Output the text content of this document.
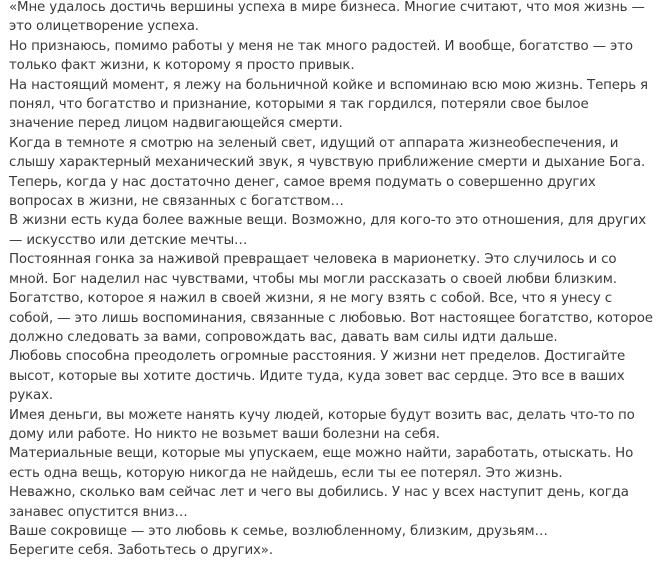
«Мне удалось достичь вершины успеха в мире бизнеса. Многие считают, что моя жизнь — это олицетворение успеха.

Но признаюсь, помимо работы у меня не так много радостей. И вообще, богатство — это только факт жизни, к которому я просто привык.

На настоящий момент, я лежу на больничной койке и вспоминаю всю мою жизнь. Теперь я понял, что богатство и признание, которыми я так гордился, потеряли свое былое значение перед лицом надвигающейся смерти.

Когда в темноте я смотрю на зеленый свет, идущий от аппарата жизнеобеспечения, и слышу характерный механический звук, я чувствую приближение смерти и дыхание Бога. Теперь, когда у нас достаточно денег, самое время подумать о совершенно других вопросах в жизни, не связанных с богатством…

В жизни есть куда более важные вещи. Возможно, для кого-то это отношения, для других — искусство или детские мечты…

Постоянная гонка за наживой превращает человека в марионетку. Это случилось и со мной. Бог наделил нас чувствами, чтобы мы могли рассказать о своей любви близким.

Богатство, которое я нажил в своей жизни, я не могу взять с собой. Все, что я унесу с собой, — это лишь воспоминания, связанные с любовью. Вот настоящее богатство, которое должно следовать за вами, сопровождать вас, давать вам силы идти дальше.

Любовь способна преодолеть огромные расстояния. У жизни нет пределов. Достигайте высот, которые вы хотите достичь. Идите туда, куда зовет вас сердце. Это все в ваших руках.

Имея деньги, вы можете нанять кучу людей, которые будут возить вас, делать что-то по дому или работе. Но никто не возьмет ваши болезни на себя.

Материальные вещи, которые мы упускаем, еще можно найти, заработать, отыскать. Но есть одна вещь, которую никогда не найдешь, если ты ее потерял. Это жизнь.

Неважно, сколько вам сейчас лет и чего вы добились. У нас у всех наступит день, когда занавес опустится вниз…

Ваше сокровище — это любовь к семье, возлюбленному, близким, друзьям…

Берегите себя. Заботьтесь о других».
